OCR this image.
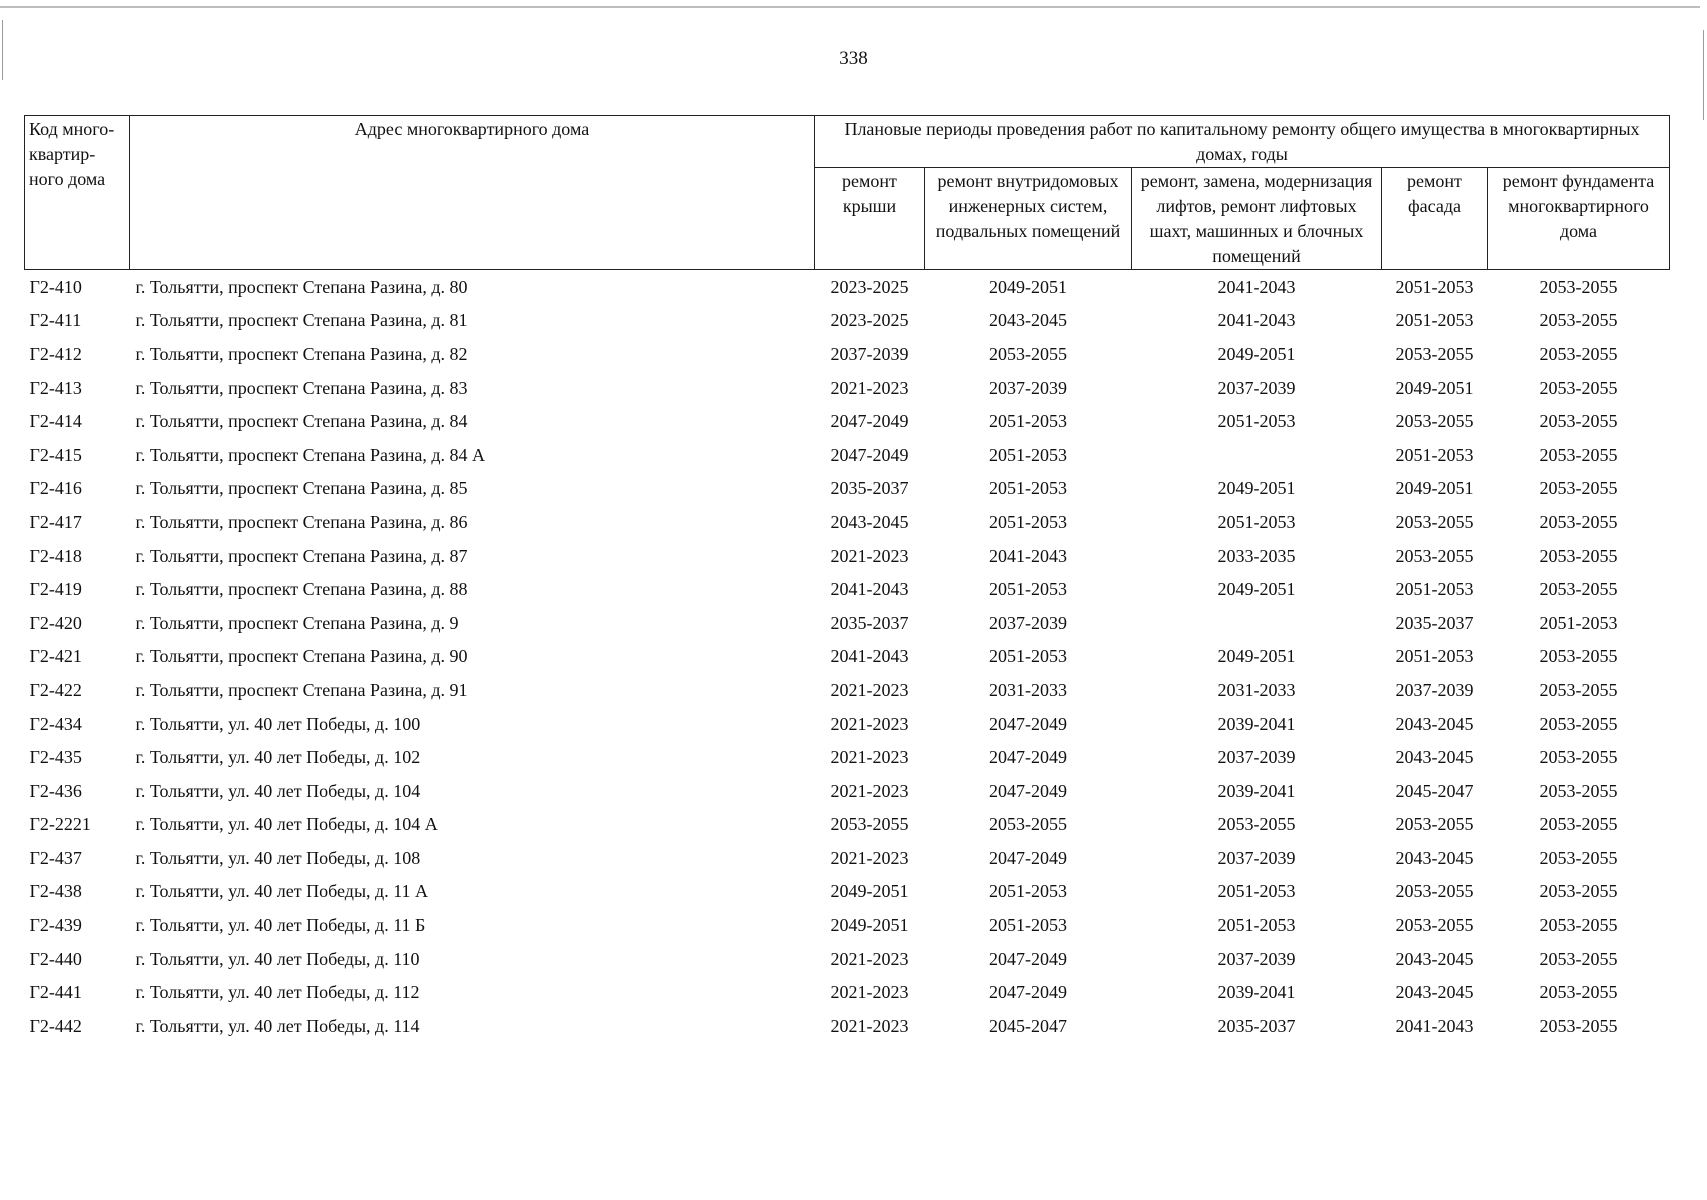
338
Код много-квартир-ного дома	Адрес многоквартирного дома	Плановые периоды проведения работ по капитальному ремонту общего имущества в многоквартирных домах, годы				
		ремонт крыши	ремонт внутридомовых инженерных систем, подвальных помещений	ремонт, замена, модернизация лифтов, ремонт лифтовых шахт, машинных и блочных помещений	ремонт фасада	ремонт фундамента многоквартирного дома
Г2-410	г. Тольятти, проспект Степана Разина, д. 80	2023-2025	2049-2051	2041-2043	2051-2053	2053-2055
Г2-411	г. Тольятти, проспект Степана Разина, д. 81	2023-2025	2043-2045	2041-2043	2051-2053	2053-2055
Г2-412	г. Тольятти, проспект Степана Разина, д. 82	2037-2039	2053-2055	2049-2051	2053-2055	2053-2055
Г2-413	г. Тольятти, проспект Степана Разина, д. 83	2021-2023	2037-2039	2037-2039	2049-2051	2053-2055
Г2-414	г. Тольятти, проспект Степана Разина, д. 84	2047-2049	2051-2053	2051-2053	2053-2055	2053-2055
Г2-415	г. Тольятти, проспект Степана Разина, д. 84 А	2047-2049	2051-2053		2051-2053	2053-2055
Г2-416	г. Тольятти, проспект Степана Разина, д. 85	2035-2037	2051-2053	2049-2051	2049-2051	2053-2055
Г2-417	г. Тольятти, проспект Степана Разина, д. 86	2043-2045	2051-2053	2051-2053	2053-2055	2053-2055
Г2-418	г. Тольятти, проспект Степана Разина, д. 87	2021-2023	2041-2043	2033-2035	2053-2055	2053-2055
Г2-419	г. Тольятти, проспект Степана Разина, д. 88	2041-2043	2051-2053	2049-2051	2051-2053	2053-2055
Г2-420	г. Тольятти, проспект Степана Разина, д. 9	2035-2037	2037-2039		2035-2037	2051-2053
Г2-421	г. Тольятти, проспект Степана Разина, д. 90	2041-2043	2051-2053	2049-2051	2051-2053	2053-2055
Г2-422	г. Тольятти, проспект Степана Разина, д. 91	2021-2023	2031-2033	2031-2033	2037-2039	2053-2055
Г2-434	г. Тольятти, ул. 40 лет Победы, д. 100	2021-2023	2047-2049	2039-2041	2043-2045	2053-2055
Г2-435	г. Тольятти, ул. 40 лет Победы, д. 102	2021-2023	2047-2049	2037-2039	2043-2045	2053-2055
Г2-436	г. Тольятти, ул. 40 лет Победы, д. 104	2021-2023	2047-2049	2039-2041	2045-2047	2053-2055
Г2-2221	г. Тольятти, ул. 40 лет Победы, д. 104 А	2053-2055	2053-2055	2053-2055	2053-2055	2053-2055
Г2-437	г. Тольятти, ул. 40 лет Победы, д. 108	2021-2023	2047-2049	2037-2039	2043-2045	2053-2055
Г2-438	г. Тольятти, ул. 40 лет Победы, д. 11 А	2049-2051	2051-2053	2051-2053	2053-2055	2053-2055
Г2-439	г. Тольятти, ул. 40 лет Победы, д. 11 Б	2049-2051	2051-2053	2051-2053	2053-2055	2053-2055
Г2-440	г. Тольятти, ул. 40 лет Победы, д. 110	2021-2023	2047-2049	2037-2039	2043-2045	2053-2055
Г2-441	г. Тольятти, ул. 40 лет Победы, д. 112	2021-2023	2047-2049	2039-2041	2043-2045	2053-2055
Г2-442	г. Тольятти, ул. 40 лет Победы, д. 114	2021-2023	2045-2047	2035-2037	2041-2043	2053-2055
